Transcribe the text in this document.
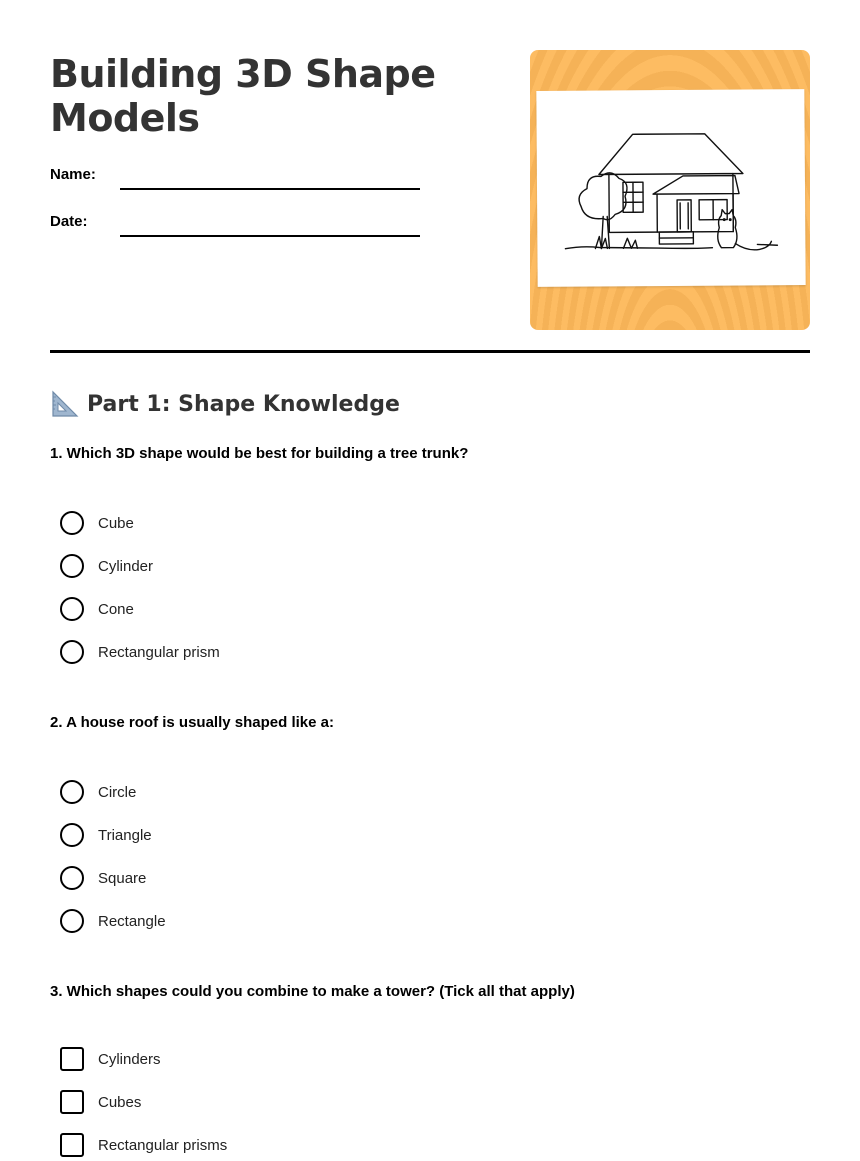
Building 3D Shape Models
Name:
Date:
Part 1: Shape Knowledge
1. Which 3D shape would be best for building a tree trunk?
Cube
Cylinder
Cone
Rectangular prism
2. A house roof is usually shaped like a:
Circle
Triangle
Square
Rectangle
3. Which shapes could you combine to make a tower? (Tick all that apply)
Cylinders
Cubes
Rectangular prisms
